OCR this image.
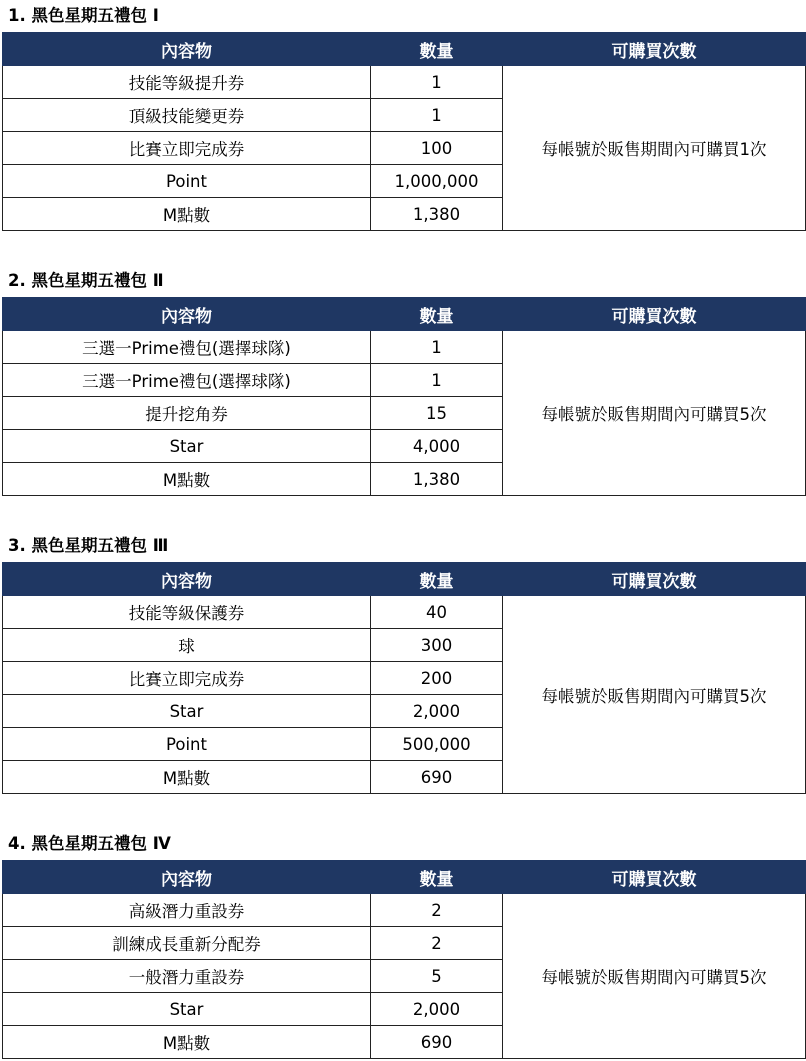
1. 黑色星期五禮包 Ⅰ
內容物	數量	可購買次數
技能等級提升券	1	每帳號於販售期間內可購買1次
頂級技能變更券	1	
比賽立即完成券	100	
Point	1,000,000	
M點數	1,380	
2. 黑色星期五禮包 Ⅱ
內容物	數量	可購買次數
三選一Prime禮包(選擇球隊)	1	每帳號於販售期間內可購買5次
三選一Prime禮包(選擇球隊)	1	
提升挖角券	15	
Star	4,000	
M點數	1,380	
3. 黑色星期五禮包 Ⅲ
內容物	數量	可購買次數
技能等級保護券	40	每帳號於販售期間內可購買5次
球	300	
比賽立即完成券	200	
Star	2,000	
Point	500,000	
M點數	690	
4. 黑色星期五禮包 Ⅳ
內容物	數量	可購買次數
高級潛力重設券	2	每帳號於販售期間內可購買5次
訓練成長重新分配券	2	
一般潛力重設券	5	
Star	2,000	
M點數	690	
